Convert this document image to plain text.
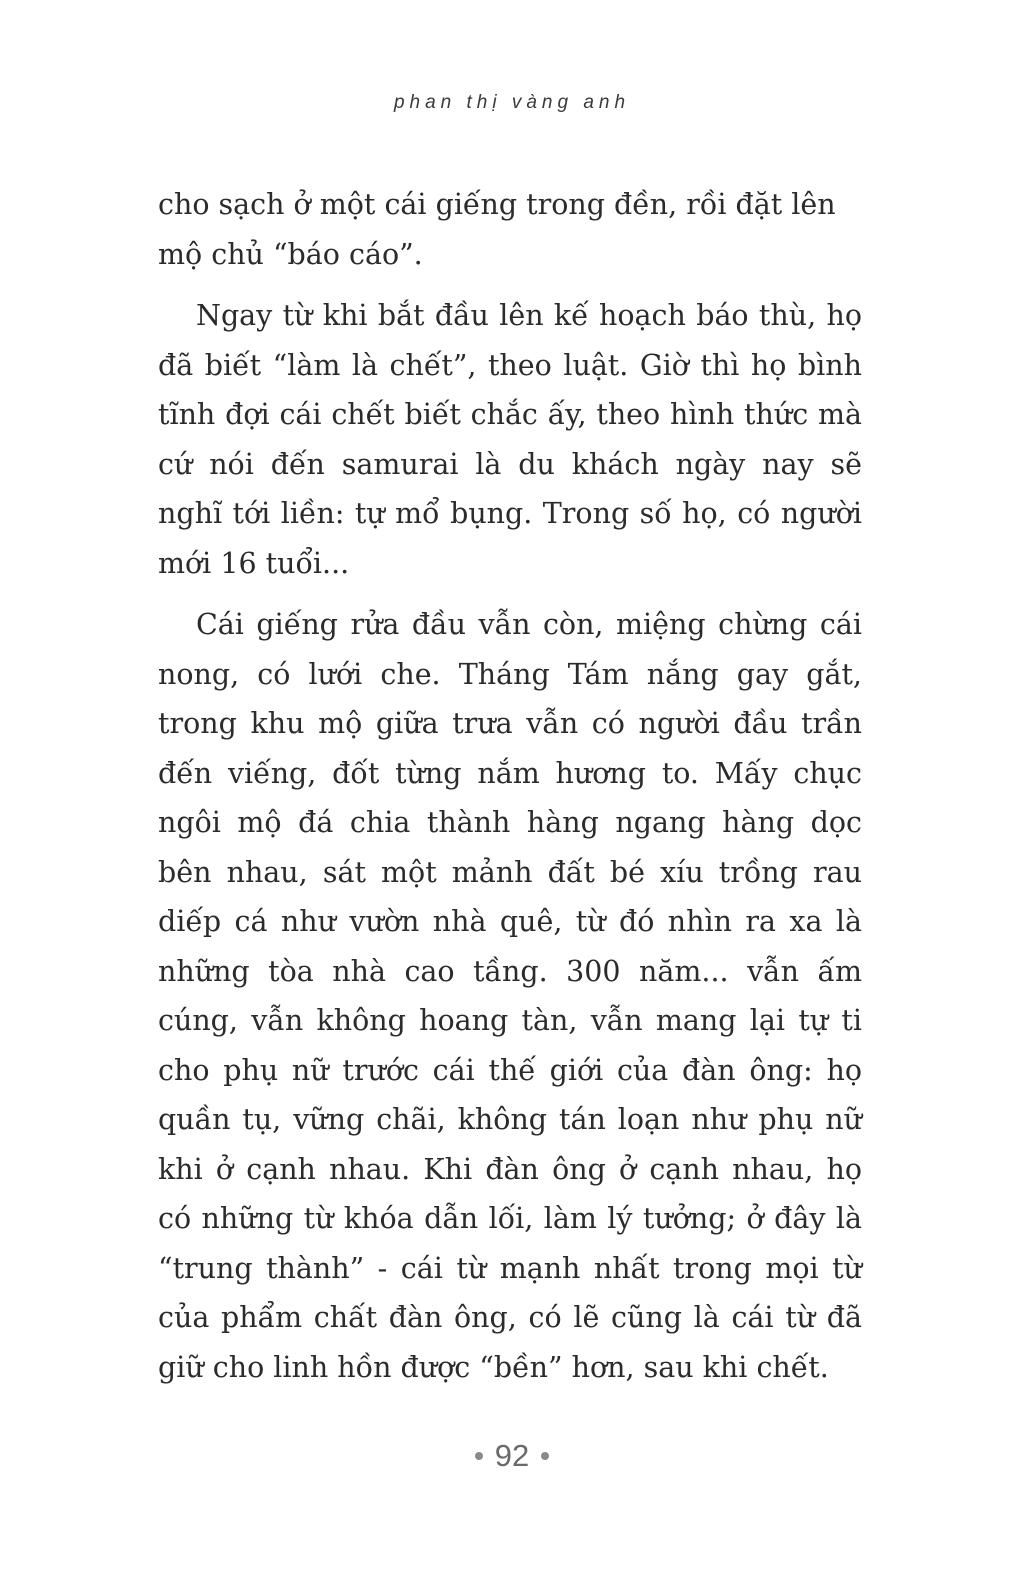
phan thị vàng anh

cho sạch ở một cái giếng trong đền, rồi đặt lên mộ chủ “báo cáo”.

Ngay từ khi bắt đầu lên kế hoạch báo thù, họ đã biết “làm là chết”, theo luật. Giờ thì họ bình tĩnh đợi cái chết biết chắc ấy, theo hình thức mà cứ nói đến samurai là du khách ngày nay sẽ nghĩ tới liền: tự mổ bụng. Trong số họ, có người mới 16 tuổi...

Cái giếng rửa đầu vẫn còn, miệng chừng cái nong, có lưới che. Tháng Tám nắng gay gắt, trong khu mộ giữa trưa vẫn có người đầu trần đến viếng, đốt từng nắm hương to. Mấy chục ngôi mộ đá chia thành hàng ngang hàng dọc bên nhau, sát một mảnh đất bé xíu trồng rau diếp cá như vườn nhà quê, từ đó nhìn ra xa là những tòa nhà cao tầng. 300 năm... vẫn ấm cúng, vẫn không hoang tàn, vẫn mang lại tự ti cho phụ nữ trước cái thế giới của đàn ông: họ quần tụ, vững chãi, không tán loạn như phụ nữ khi ở cạnh nhau. Khi đàn ông ở cạnh nhau, họ có những từ khóa dẫn lối, làm lý tưởng; ở đây là “trung thành” - cái từ mạnh nhất trong mọi từ của phẩm chất đàn ông, có lẽ cũng là cái từ đã giữ cho linh hồn được “bền” hơn, sau khi chết.

92
